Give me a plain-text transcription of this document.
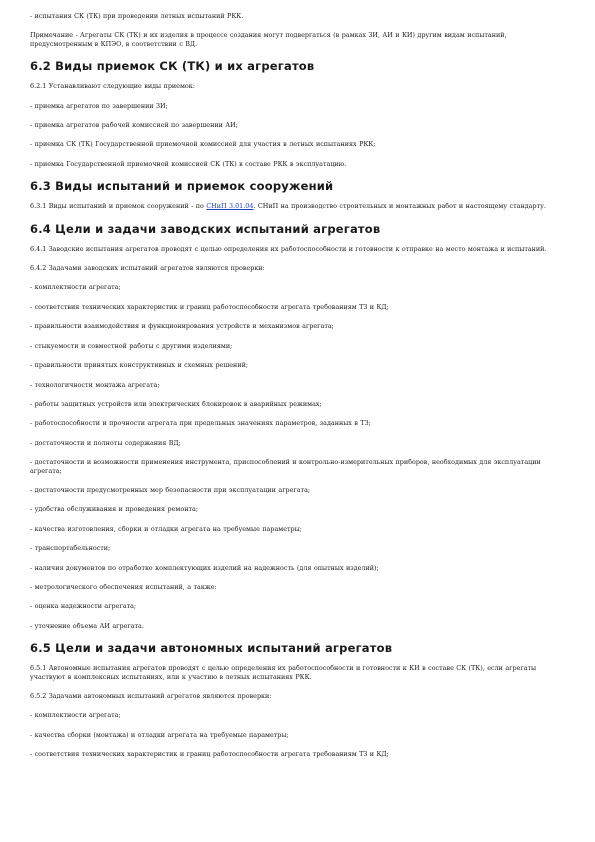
- испытания СК (ТК) при проведении летных испытаний РКК.
Примечание - Агрегаты СК (ТК) и их изделия в процессе создания могут подвергаться (в рамках ЗИ, АИ и КИ) другим видам испытаний, предусмотренным в КПЭО, в соответствии с ВД.
6.2 Виды приемок СК (ТК) и их агрегатов
6.2.1 Устанавливают следующие виды приемок:
- приемка агрегатов по завершении ЗИ;
- приемка агрегатов рабочей комиссией по завершении АИ;
- приемка СК (ТК) Государственной приемочной комиссией для участия в летных испытаниях РКК;
- приемка Государственной приемочной комиссией СК (ТК) в составе РКК в эксплуатацию.
6.3 Виды испытаний и приемок сооружений
6.3.1 Виды испытаний и приемок сооружений - по СНиП 3.01.04. СНиП на производство строительных и монтажных работ и настоящему стандарту.
6.4 Цели и задачи заводских испытаний агрегатов
6.4.1 Заводские испытания агрегатов проводят с целью определения их работоспособности и готовности к отправке на место монтажа и испытаний.
6.4.2 Задачами заводских испытаний агрегатов являются проверки:
- комплектности агрегата;
- соответствия технических характеристик и границ работоспособности агрегата требованиям ТЗ и КД;
- правильности взаимодействия и функционирования устройств и механизмов агрегата;
- стыкуемости и совместной работы с другими изделиями;
- правильности принятых конструктивных и схемных решений;
- технологичности монтажа агрегата;
- работы защитных устройств или электрических блокировок в аварийных режимах;
- работоспособности и прочности агрегата при предельных значениях параметров, заданных в ТЗ;
- достаточности и полноты содержания ВД;
- достаточности и возможности применения инструмента, приспособлений и контрольно-измерительных приборов, необходимых для эксплуатации агрегата;
- достаточности предусмотренных мер безопасности при эксплуатации агрегата;
- удобства обслуживания и проведения ремонта;
- качества изготовления, сборки и отладки агрегата на требуемые параметры;
- транспортабельности;
- наличия документов по отработке комплектующих изделий на надежность (для опытных изделий);
- метрологического обеспечения испытаний, а также:
- оценка надежности агрегата;
- уточнение объема АИ агрегата.
6.5 Цели и задачи автономных испытаний агрегатов
6.5.1 Автономные испытания агрегатов проводят с целью определения их работоспособности и готовности к КИ в составе СК (ТК), если агрегаты участвуют в комплексных испытаниях, или к участию в летных испытаниях РКК.
6.5.2 Задачами автономных испытаний агрегатов являются проверки:
- комплектности агрегата;
- качества сборки (монтажа) и отладки агрегата на требуемые параметры;
- соответствия технических характеристик и границ работоспособности агрегата требованиям ТЗ и КД;
